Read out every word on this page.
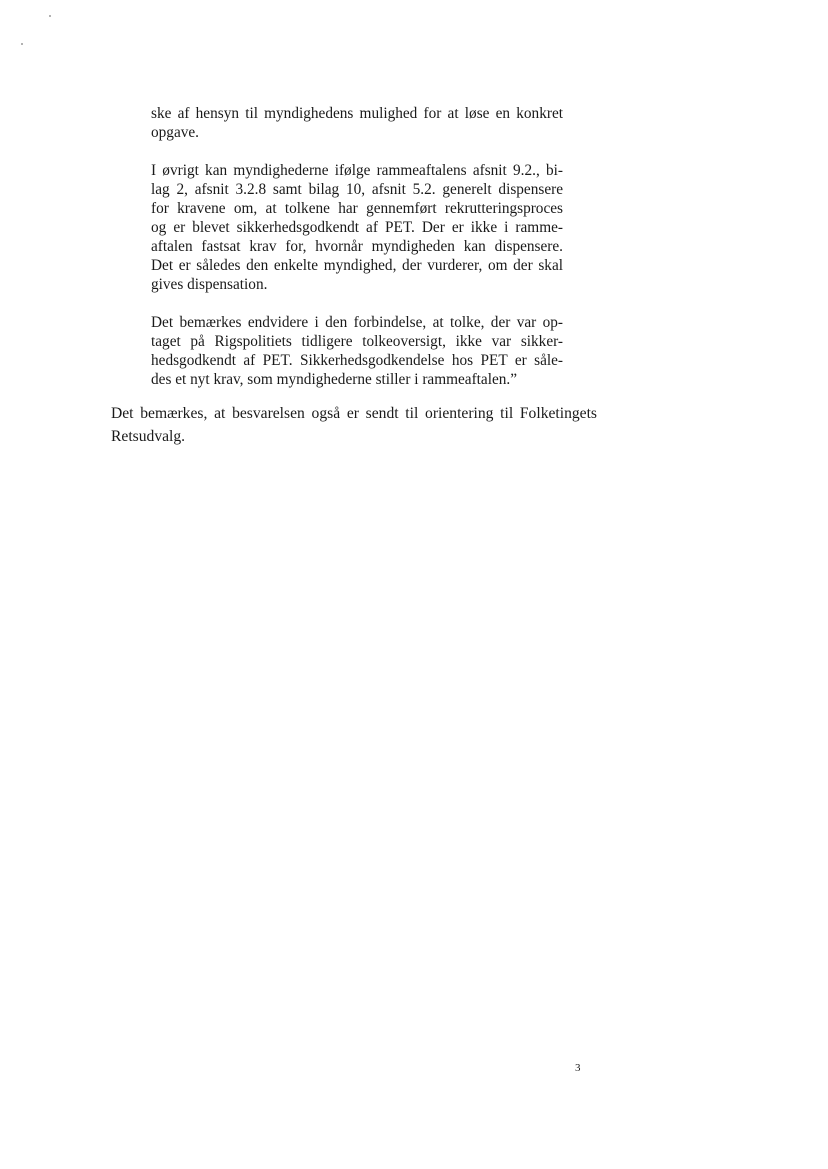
ske af hensyn til myndighedens mulighed for at løse en konkret
opgave.

I øvrigt kan myndighederne ifølge rammeaftalens afsnit 9.2., bi-
lag 2, afsnit 3.2.8 samt bilag 10, afsnit 5.2. generelt dispensere
for kravene om, at tolkene har gennemført rekrutteringsproces
og er blevet sikkerhedsgodkendt af PET. Der er ikke i ramme-
aftalen fastsat krav for, hvornår myndigheden kan dispensere.
Det er således den enkelte myndighed, der vurderer, om der skal
gives dispensation.

Det bemærkes endvidere i den forbindelse, at tolke, der var op-
taget på Rigspolitiets tidligere tolkeoversigt, ikke var sikker-
hedsgodkendt af PET. Sikkerhedsgodkendelse hos PET er såle-
des et nyt krav, som myndighederne stiller i rammeaftalen.”

Det bemærkes, at besvarelsen også er sendt til orientering til Folketingets
Retsudvalg.

3
